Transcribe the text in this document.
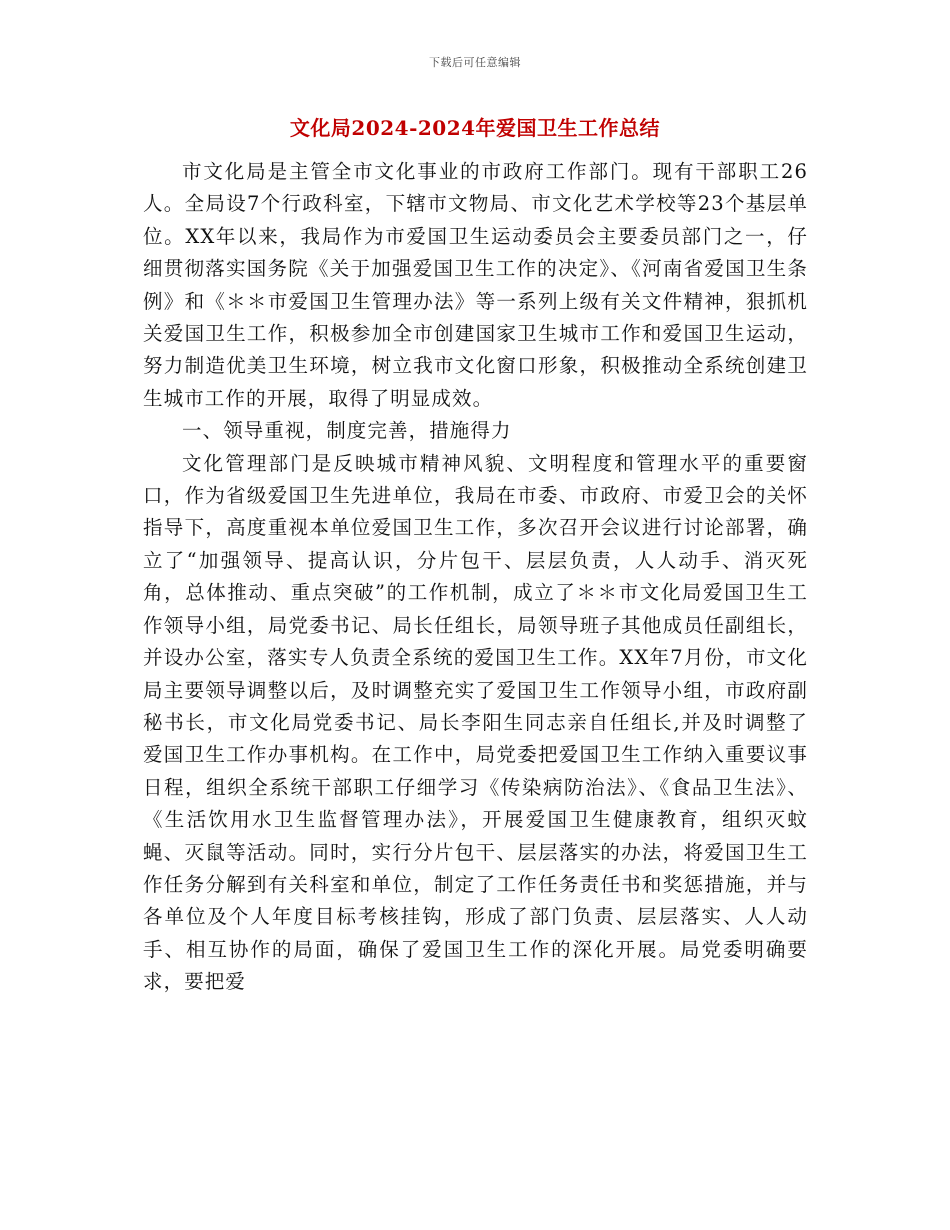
下载后可任意编辑
文化局2024-2024年爱国卫生工作总结

市文化局是主管全市文化事业的市政府工作部门。现有干部职工26人。全局设7个行政科室，下辖市文物局、市文化艺术学校等23个基层单位。XX年以来，我局作为市爱国卫生运动委员会主要委员部门之一，仔细贯彻落实国务院《关于加强爱国卫生工作的决定》、《河南省爱国卫生条例》和《＊＊市爱国卫生管理办法》等一系列上级有关文件精神，狠抓机关爱国卫生工作，积极参加全市创建国家卫生城市工作和爱国卫生运动，努力制造优美卫生环境，树立我市文化窗口形象，积极推动全系统创建卫生城市工作的开展，取得了明显成效。

一、领导重视，制度完善，措施得力

文化管理部门是反映城市精神风貌、文明程度和管理水平的重要窗口，作为省级爱国卫生先进单位，我局在市委、市政府、市爱卫会的关怀指导下，高度重视本单位爱国卫生工作，多次召开会议进行讨论部署，确立了“加强领导、提高认识，分片包干、层层负责，人人动手、消灭死角，总体推动、重点突破”的工作机制，成立了＊＊市文化局爱国卫生工作领导小组，局党委书记、局长任组长，局领导班子其他成员任副组长，并设办公室，落实专人负责全系统的爱国卫生工作。XX年7月份，市文化局主要领导调整以后，及时调整充实了爱国卫生工作领导小组，市政府副秘书长，市文化局党委书记、局长李阳生同志亲自任组长,并及时调整了爱国卫生工作办事机构。在工作中，局党委把爱国卫生工作纳入重要议事日程，组织全系统干部职工仔细学习《传染病防治法》、《食品卫生法》、《生活饮用水卫生监督管理办法》，开展爱国卫生健康教育，组织灭蚊蝇、灭鼠等活动。同时，实行分片包干、层层落实的办法，将爱国卫生工作任务分解到有关科室和单位，制定了工作任务责任书和奖惩措施，并与各单位及个人年度目标考核挂钩，形成了部门负责、层层落实、人人动手、相互协作的局面，确保了爱国卫生工作的深化开展。局党委明确要求，要把爱
